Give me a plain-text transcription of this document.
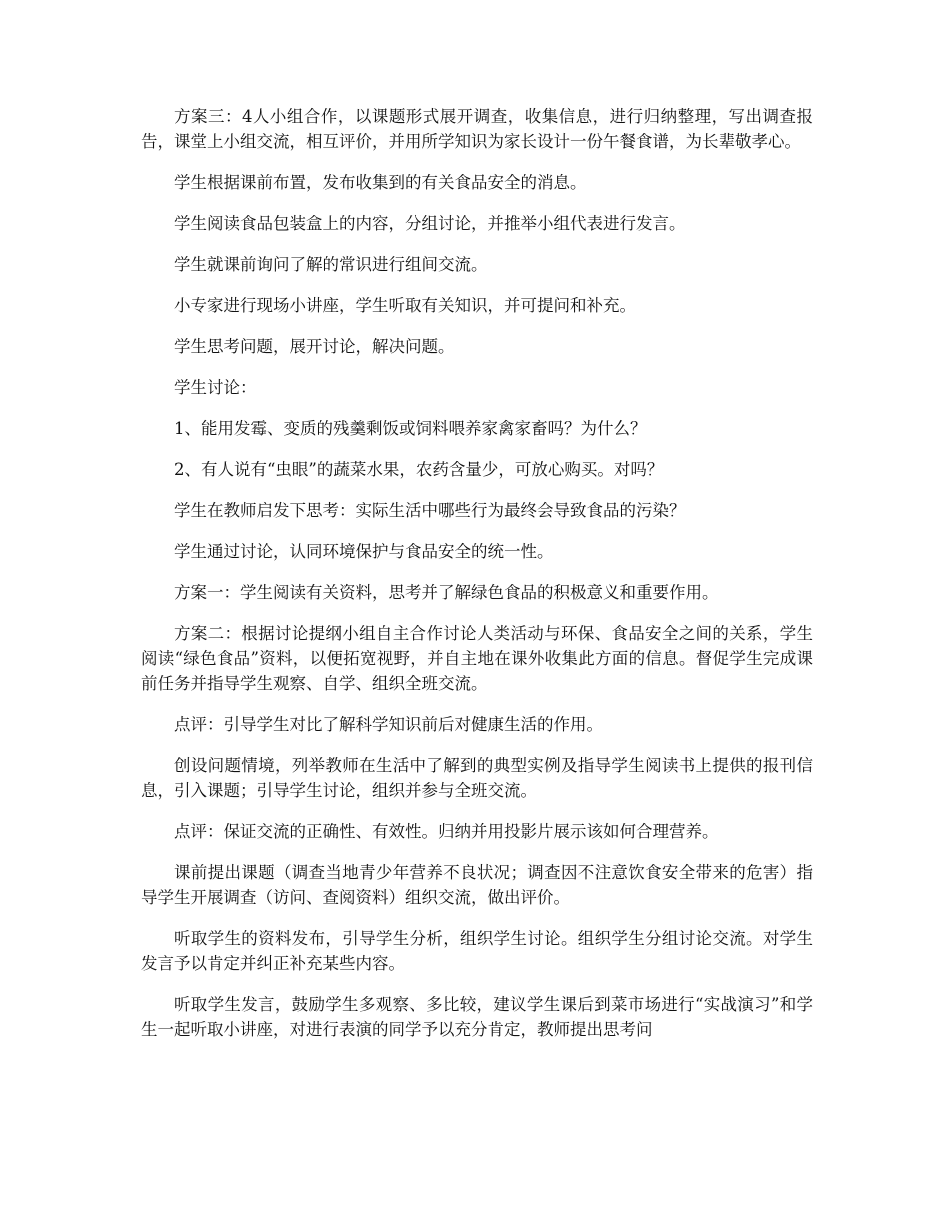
方案三：4人小组合作，以课题形式展开调查，收集信息，进行归纳整理，写出调查报告，课堂上小组交流，相互评价，并用所学知识为家长设计一份午餐食谱，为长辈敬孝心。

学生根据课前布置，发布收集到的有关食品安全的消息。

学生阅读食品包装盒上的内容，分组讨论，并推举小组代表进行发言。

学生就课前询问了解的常识进行组间交流。

小专家进行现场小讲座，学生听取有关知识，并可提问和补充。

学生思考问题，展开讨论，解决问题。

学生讨论：

1、能用发霉、变质的残羹剩饭或饲料喂养家禽家畜吗？为什么？

2、有人说有“虫眼”的蔬菜水果，农药含量少，可放心购买。对吗？

学生在教师启发下思考：实际生活中哪些行为最终会导致食品的污染？

学生通过讨论，认同环境保护与食品安全的统一性。

方案一：学生阅读有关资料，思考并了解绿色食品的积极意义和重要作用。

方案二：根据讨论提纲小组自主合作讨论人类活动与环保、食品安全之间的关系，学生阅读“绿色食品”资料，以便拓宽视野，并自主地在课外收集此方面的信息。督促学生完成课前任务并指导学生观察、自学、组织全班交流。

点评：引导学生对比了解科学知识前后对健康生活的作用。

创设问题情境，列举教师在生活中了解到的典型实例及指导学生阅读书上提供的报刊信息，引入课题；引导学生讨论，组织并参与全班交流。

点评：保证交流的正确性、有效性。归纳并用投影片展示该如何合理营养。

课前提出课题（调查当地青少年营养不良状况；调查因不注意饮食安全带来的危害）指导学生开展调查（访问、查阅资料）组织交流，做出评价。

听取学生的资料发布，引导学生分析，组织学生讨论。组织学生分组讨论交流。对学生发言予以肯定并纠正补充某些内容。

听取学生发言，鼓励学生多观察、多比较，建议学生课后到菜市场进行“实战演习”和学生一起听取小讲座，对进行表演的同学予以充分肯定，教师提出思考问
